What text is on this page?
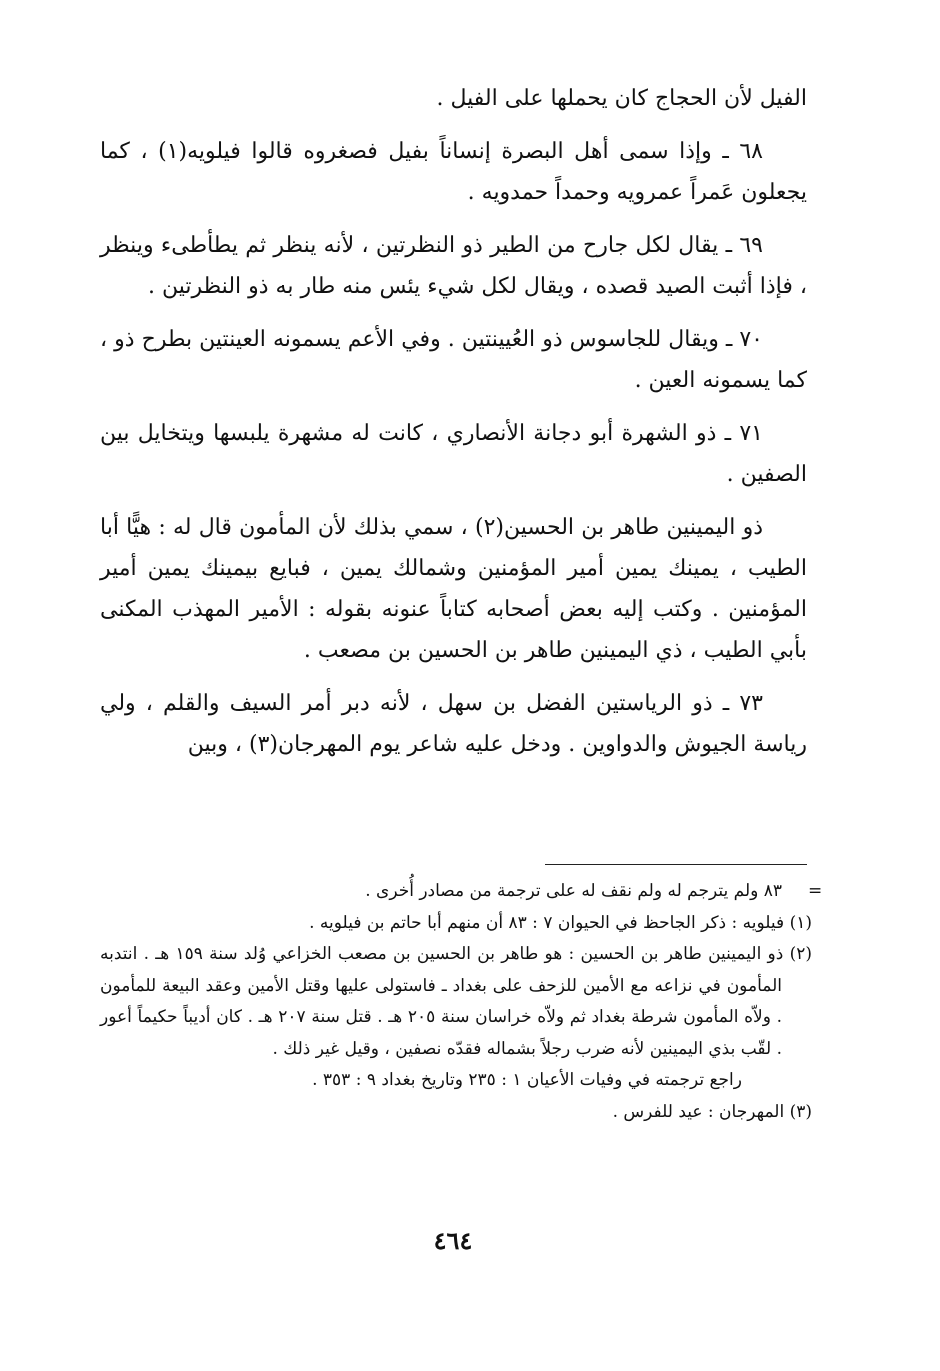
الفيل لأن الحجاج كان يحملها على الفيل .

٦٨ ـ وإذا سمى أهل البصرة إنساناً بفيل فصغروه قالوا فيلويه(١) ، كما يجعلون عَمراً عمرويه وحمداً حمدويه .

٦٩ ـ يقال لكل جارح من الطير ذو النظرتين ، لأنه ينظر ثم يطأطىء وينظر ، فإذا أثبت الصيد قصده ، ويقال لكل شيء يئس منه طار به ذو النظرتين .

٧٠ ـ ويقال للجاسوس ذو العُيينتين . وفي الأعم يسمونه العينتين بطرح ذو ، كما يسمونه العين .

٧١ ـ ذو الشهرة أبو دجانة الأنصاري ، كانت له مشهرة يلبسها ويتخايل بين الصفين .

ذو اليمينين طاهر بن الحسين(٢) ، سمي بذلك لأن المأمون قال له : هيًّا أبا الطيب ، يمينك يمين أمير المؤمنين وشمالك يمين ، فبايع بيمينك يمين أمير المؤمنين . وكتب إليه بعض أصحابه كتاباً عنونه بقوله : الأمير المهذب المكنى بأبي الطيب ، ذي اليمينين طاهر بن الحسين بن مصعب .

٧٣ ـ ذو الرياستين الفضل بن سهل ، لأنه دبر أمر السيف والقلم ، ولي رياسة الجيوش والدواوين . ودخل عليه شاعر يوم المهرجان(٣) ، وبين

=

٨٣ ولم يترجم له ولم نقف له على ترجمة من مصادر أُخرى .

(١) فيلويه : ذكر الجاحظ في الحيوان ٧ : ٨٣ أن منهم أبا حاتم بن فيلويه .

(٢) ذو اليمينين طاهر بن الحسين : هو طاهر بن الحسين بن مصعب الخزاعي وُلد سنة ١٥٩ هـ . انتدبه المأمون في نزاعه مع الأمين للزحف على بغداد ـ فاستولى عليها وقتل الأمين وعقد البيعة للمأمون . ولاّه المأمون شرطة بغداد ثم ولاّه خراسان سنة ٢٠٥ هـ . قتل سنة ٢٠٧ هـ . كان أديباً حكيماً أعور . لقّب بذي اليمينين لأنه ضرب رجلاً بشماله فقدّه نصفين ، وقيل غير ذلك .

راجع ترجمته في وفيات الأعيان ١ : ٢٣٥ وتاريخ بغداد ٩ : ٣٥٣ .

(٣) المهرجان : عيد للفرس .

٤٦٤
